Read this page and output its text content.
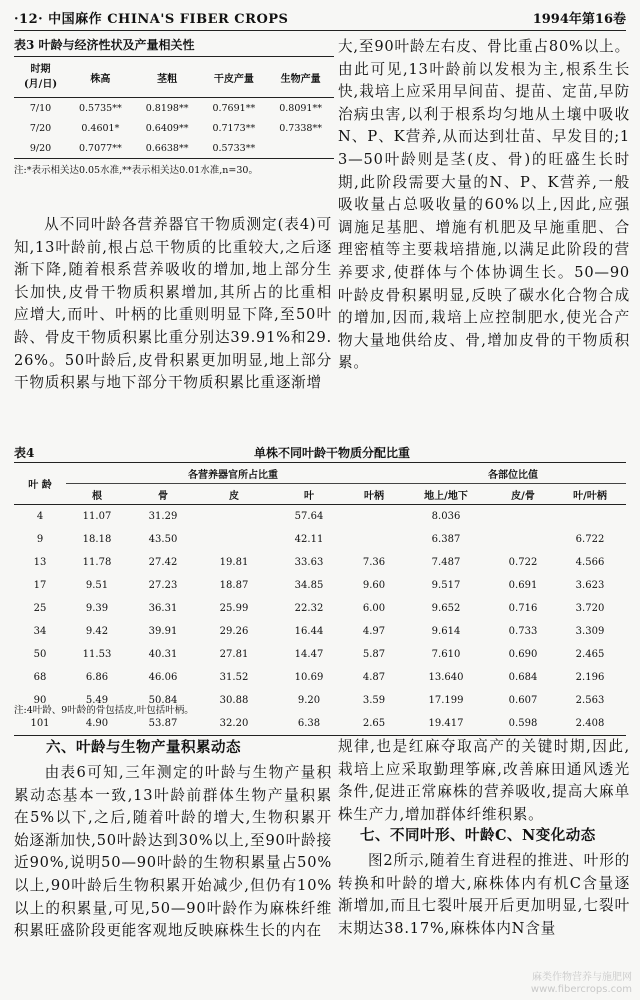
·12· 中国麻作 CHINA'S FIBER CROPS	1994年第16卷
表3 叶龄与经济性状及产量相关性
时期
(月/日)	株高	茎粗	干皮产量	生物产量
7/10	0.5735**	0.8198**	0.7691**	0.8091**
7/20	0.4601*	0.6409**	0.7173**	0.7338**
9/20	0.7077**	0.6638**	0.5733**	
注:*表示相关达0.05水准,**表示相关达0.01水准,n=30。
从不同叶龄各营养器官干物质测定(表4)可知,13叶龄前,根占总干物质的比重较大,之后逐渐下降,随着根系营养吸收的增加,地上部分生长加快,皮骨干物质积累增加,其所占的比重相应增大,而叶、叶柄的比重则明显下降,至50叶龄、骨皮干物质积累比重分别达39.91%和29.26%。50叶龄后,皮骨积累更加明显,地上部分干物质积累与地下部分干物质积累比重逐渐增
大,至90叶龄左右皮、骨比重占80%以上。由此可见,13叶龄前以发根为主,根系生长快,栽培上应采用早间苗、提苗、定苗,早防治病虫害,以利于根系均匀地从土壤中吸收N、P、K营养,从而达到壮苗、早发目的;13—50叶龄则是茎(皮、骨)的旺盛生长时期,此阶段需要大量的N、P、K营养,一般吸收量占总吸收量的60%以上,因此,应强调施足基肥、增施有机肥及早施重肥、合理密植等主要栽培措施,以满足此阶段的营养要求,使群体与个体协调生长。50—90叶龄皮骨积累明显,反映了碳水化合物合成的增加,因而,栽培上应控制肥水,使光合产物大量地供给皮、骨,增加皮骨的干物质积累。
表4	单株不同叶龄干物质分配比重
叶 龄	各营养器官所占比重					各部位比值		
	根	骨	皮	叶	叶柄	地上/地下	皮/骨	叶/叶柄
4	11.07	31.29		57.64		8.036		
9	18.18	43.50		42.11		6.387		6.722
13	11.78	27.42	19.81	33.63	7.36	7.487	0.722	4.566
17	9.51	27.23	18.87	34.85	9.60	9.517	0.691	3.623
25	9.39	36.31	25.99	22.32	6.00	9.652	0.716	3.720
34	9.42	39.91	29.26	16.44	4.97	9.614	0.733	3.309
50	11.53	40.31	27.81	14.47	5.87	7.610	0.690	2.465
68	6.86	46.06	31.52	10.69	4.87	13.640	0.684	2.196
90	5.49	50.84	30.88	9.20	3.59	17.199	0.607	2.563
101	4.90	53.87	32.20	6.38	2.65	19.417	0.598	2.408
注:4叶龄、9叶龄的骨包括皮,叶包括叶柄。
六、叶龄与生物产量积累动态
由表6可知,三年测定的叶龄与生物产量积累动态基本一致,13叶龄前群体生物产量积累在5%以下,之后,随着叶龄的增大,生物积累开始逐渐加快,50叶龄达到30%以上,至90叶龄接近90%,说明50—90叶龄的生物积累量占50%以上,90叶龄后生物积累开始减少,但仍有10%以上的积累量,可见,50—90叶龄作为麻株纤维积累旺盛阶段更能客观地反映麻株生长的内在
规律,也是红麻夺取高产的关键时期,因此,栽培上应采取勤理筝麻,改善麻田通风透光条件,促进正常麻株的营养吸收,提高大麻单株生产力,增加群体纤维积累。
七、不同叶形、叶龄C、N变化动态
图2所示,随着生育进程的推进、叶形的转换和叶龄的增大,麻株体内有机C含量逐渐增加,而且七裂叶展开后更加明显,七裂叶末期达38.17%,麻株体内N含量
麻类作物营养与施肥网
www.fibercrops.com
